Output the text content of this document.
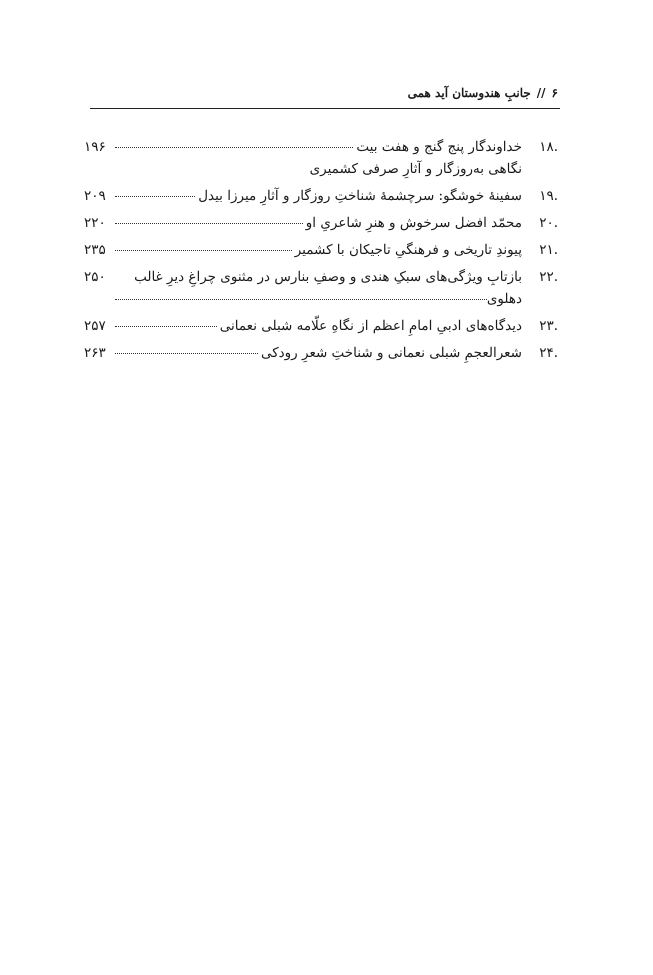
۶
//
جانبِ هندوستان آید همی
.۱۸
خداوندگار پنج گنج و هفت بیت
۱۹۶
نگاهی به‌روزگار و آثارِ صرفی کشمیری
.۱۹
سفینهٔ خوشگو: سرچشمهٔ شناختِ روزگار و آثارِ میرزا بیدل
۲۰۹
.۲۰
محمّد افضل سرخوش و هنرِ شاعریِ او
۲۲۰
.۲۱
پیوندِ تاریخی و فرهنگیِ تاجیکان با کشمیر
۲۳۵
.۲۲
بازتابِ ویژگی‌های سبکِ هندی و وصفِ بنارس در مثنوی چراغِ دیرِ غالب
۲۵۰
دهلوی
.۲۳
دیدگاه‌های ادبیِ امامِ اعظم از نگاهِ علّامه شبلی نعمانی
۲۵۷
.۲۴
شعرالعجمِ شبلی نعمانی و شناختِ شعرِ رودکی
۲۶۳
